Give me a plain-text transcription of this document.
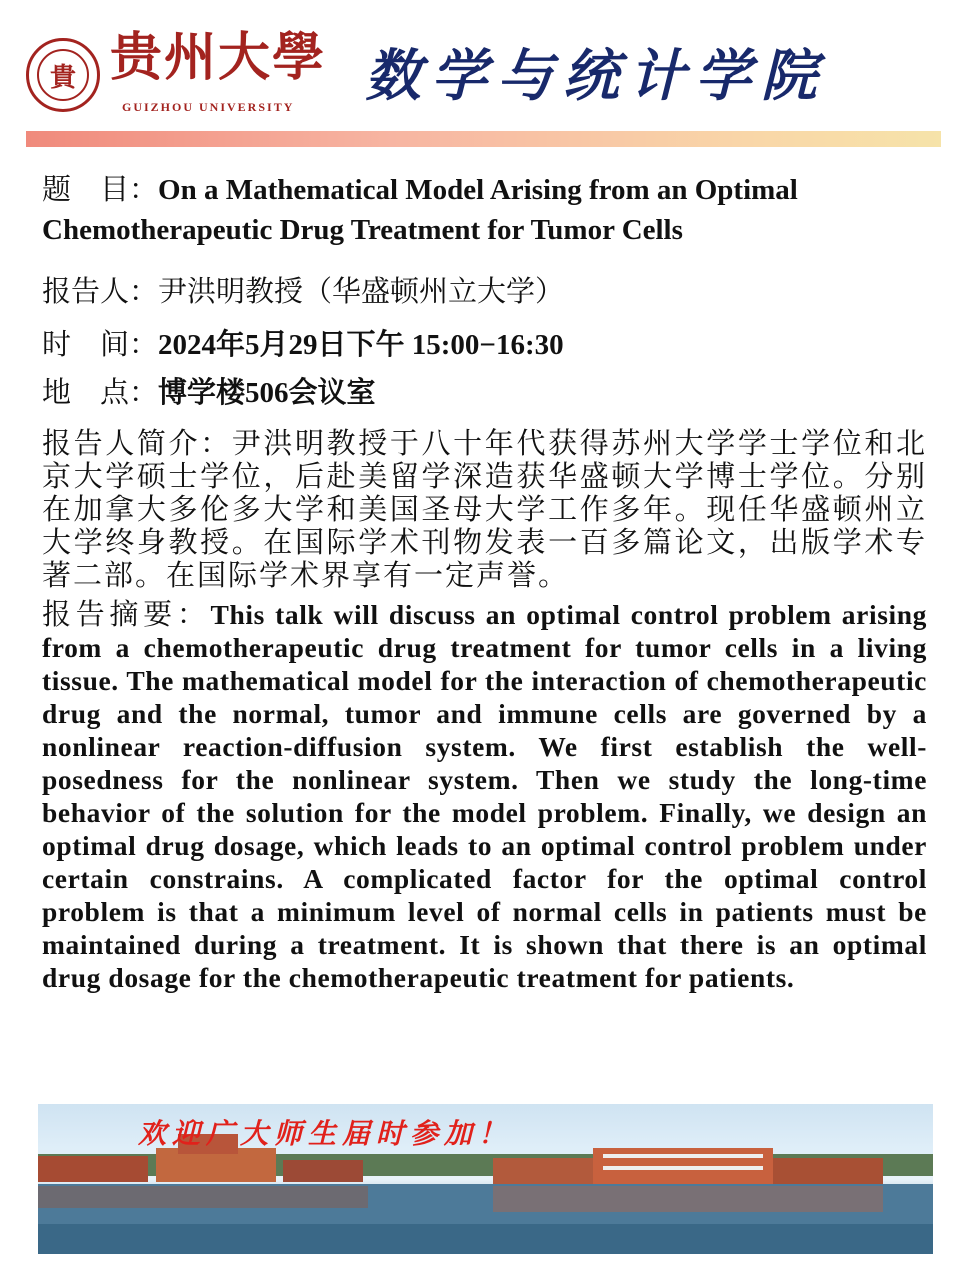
貴 贵州大學
GUIZHOU UNIVERSITY 数学与统计学院
题　目：On a Mathematical Model Arising from an Optimal Chemotherapeutic Drug Treatment for Tumor Cells
报告人：尹洪明教授（华盛顿州立大学）
时　间：2024年5月29日下午 15:00−16:30
地　点：博学楼506会议室
报告人简介：尹洪明教授于八十年代获得苏州大学学士学位和北京大学硕士学位，后赴美留学深造获华盛顿大学博士学位。分别在加拿大多伦多大学和美国圣母大学工作多年。现任华盛顿州立大学终身教授。在国际学术刊物发表一百多篇论文，出版学术专著二部。在国际学术界享有一定声誉。
报告摘要：This talk will discuss an optimal control problem arising from a chemotherapeutic drug treatment for tumor cells in a living tissue. The mathematical model for the interaction of chemotherapeutic drug and the normal, tumor and immune cells are governed by a nonlinear reaction-diffusion system. We first establish the well-posedness for the nonlinear system. Then we study the long-time behavior of the solution for the model problem. Finally, we design an optimal drug dosage, which leads to an optimal control problem under certain constrains. A complicated factor for the optimal control problem is that a minimum level of normal cells in patients must be maintained during a treatment. It is shown that there is an optimal drug dosage for the chemotherapeutic treatment for patients.
欢迎广大师生届时参加！
